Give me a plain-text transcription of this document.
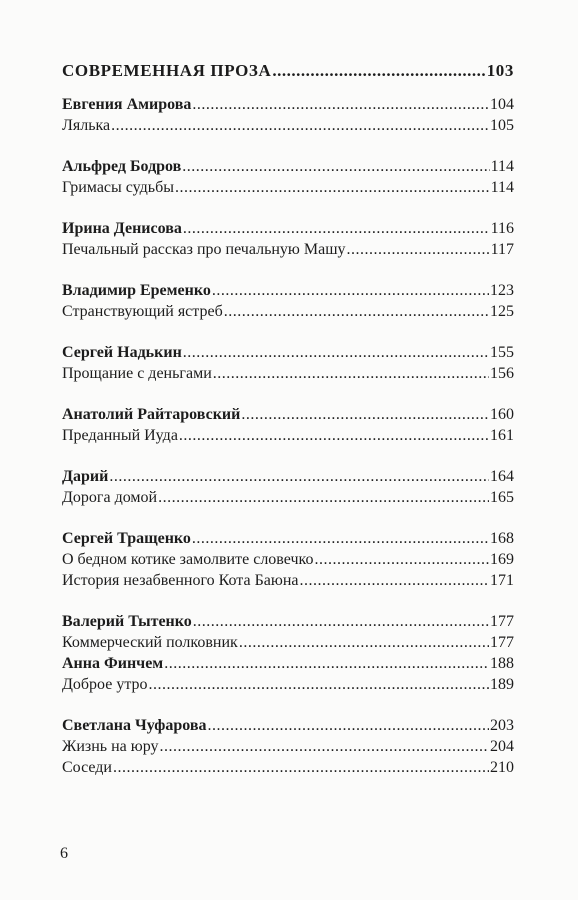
СОВРЕМЕННАЯ ПРОЗА .....	103
Евгения Амирова .....	104
Лялька .....	105
Альфред Бодров .....	114
Гримасы судьбы .....	114
Ирина Денисова .....	116
Печальный рассказ про печальную Машу .....	117
Владимир Еременко .....	123
Странствующий ястреб .....	125
Сергей Надькин .....	155
Прощание с деньгами .....	156
Анатолий Райтаровский .....	160
Преданный Иуда .....	161
Дарий .....	164
Дорога домой .....	165
Сергей Тращенко .....	168
О бедном котике замолвите словечко .....	169
История незабвенного Кота Баюна .....	171
Валерий Тытенко .....	177
Коммерческий полковник .....	177
Анна Финчем .....	188
Доброе утро .....	189
Светлана Чуфарова .....	203
Жизнь на юру .....	204
Соседи .....	210
6
